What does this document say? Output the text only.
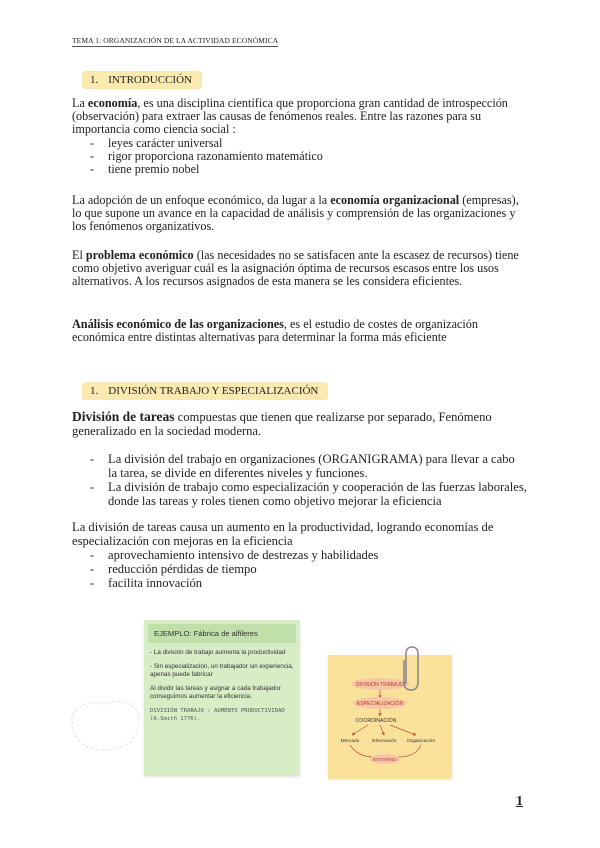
TEMA 1: ORGANIZACIÓN DE LA ACTIVIDAD ECONÓMICA
1. INTRODUCCIÓN
La economía, es una disciplina científica que proporciona gran cantidad de introspección (observación) para extraer las causas de fenómenos reales. Entre las razones para su importancia como ciencia social :
- leyes carácter universal
- rigor proporciona razonamiento matemático
- tiene premio nobel
La adopción de un enfoque económico, da lugar a la economía organizacional (empresas), lo que supone un avance en la capacidad de análisis y comprensión de las organizaciones y los fenómenos organizativos.
El problema económico (las necesidades no se satisfacen ante la escasez de recursos) tiene como objetivo averiguar cuál es la asignación óptima de recursos escasos entre los usos alternativos. A los recursos asignados de esta manera se les considera eficientes.
Análisis económico de las organizaciones, es el estudio de costes de organización económica entre distintas alternativas para determinar la forma más eficiente
1. DIVISIÓN TRABAJO Y ESPECIALIZACIÓN
División de tareas compuestas que tienen que realizarse por separado, Fenómeno generalizado en la sociedad moderna.
- La división del trabajo en organizaciones (ORGANIGRAMA) para llevar a cabo la tarea, se divide en diferentes niveles y funciones.
- La división de trabajo como especialización y cooperación de las fuerzas laborales, donde las tareas y roles tienen como objetivo mejorar la eficiencia
La división de tareas causa un aumento en la productividad, logrando economías de especialización con mejoras en la eficiencia
- aprovechamiento intensivo de destrezas y habilidades
- reducción pérdidas de tiempo
- facilita innovación
EJEMPLO: Fábrica de alfileres

- La división de trabajo aumenta la productividad

- Sin especialización, un trabajador sin experiencia, apenas puede fabricar

Al dividir las tareas y asignar a cada trabajador conseguimos aumentar la eficiencia.

DIVISIÓN TRABAJO : AUMENTO PRODUCTIVIDAD (A.Smith 1776).

DIVISIÓN TRABAJO
ESPECIALIZACIÓN
COORDINACIÓN
Mercado	Información Organización
ENTORNO
1
